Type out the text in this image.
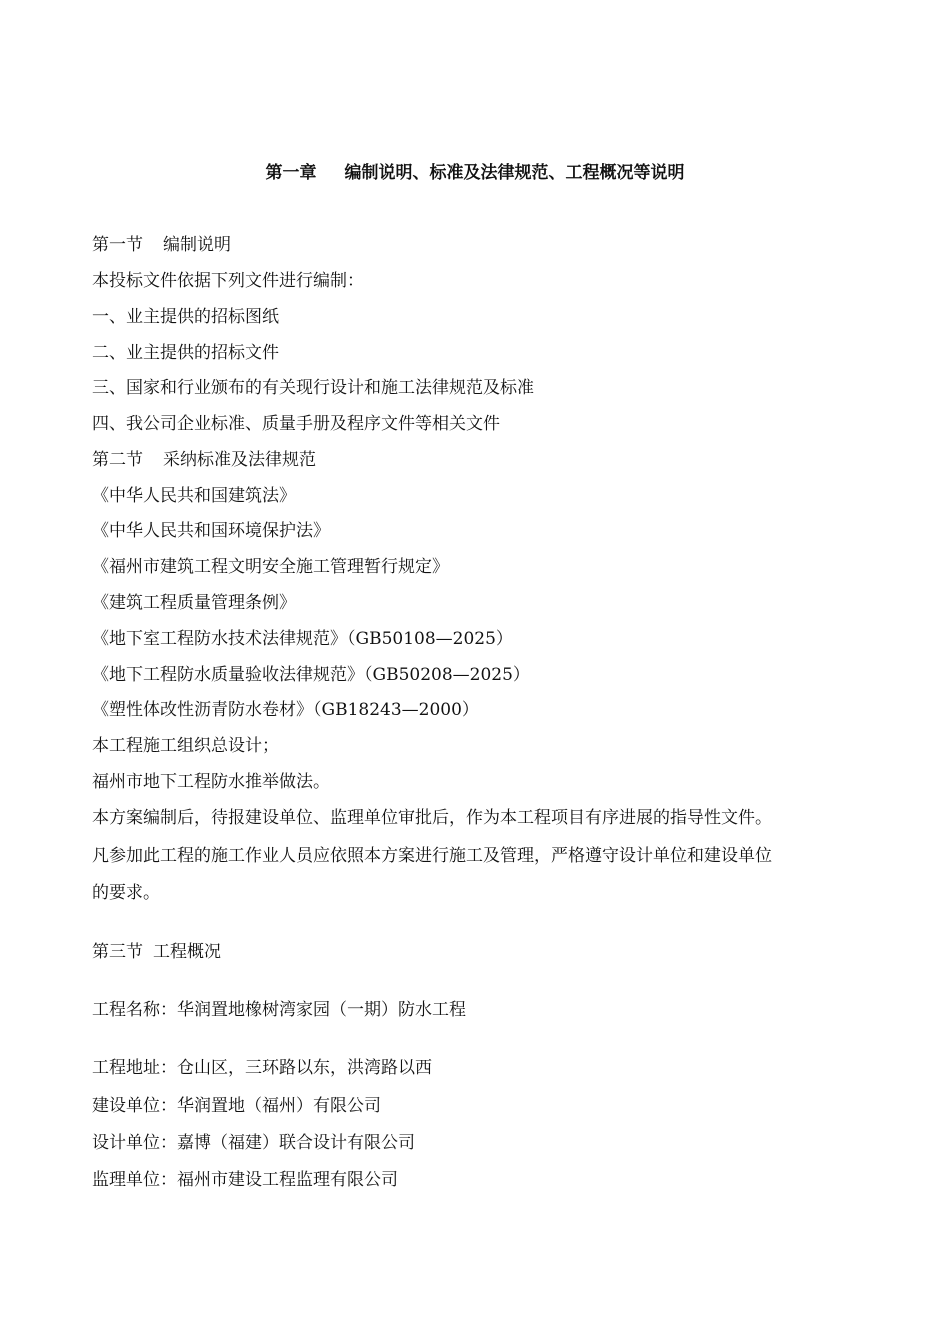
第一章 编制说明、标准及法律规范、工程概况等说明
第一节 编制说明
本投标文件依据下列文件进行编制：
一、业主提供的招标图纸
二、业主提供的招标文件
三、国家和行业颁布的有关现行设计和施工法律规范及标准
四、我公司企业标准、质量手册及程序文件等相关文件
第二节 采纳标准及法律规范
《中华人民共和国建筑法》
《中华人民共和国环境保护法》
《福州市建筑工程文明安全施工管理暂行规定》
《建筑工程质量管理条例》
《地下室工程防水技术法律规范》（GB50108—2025）
《地下工程防水质量验收法律规范》（GB50208—2025）
《塑性体改性沥青防水卷材》（GB18243—2000）
本工程施工组织总设计；
福州市地下工程防水推举做法。
本方案编制后，待报建设单位、监理单位审批后，作为本工程项目有序进展的指导性文件。
凡参加此工程的施工作业人员应依照本方案进行施工及管理，严格遵守设计单位和建设单位
的要求。
第三节 工程概况
工程名称：华润置地橡树湾家园（一期）防水工程
工程地址：仓山区，三环路以东，洪湾路以西
建设单位：华润置地（福州）有限公司
设计单位：嘉博（福建）联合设计有限公司
监理单位：福州市建设工程监理有限公司
